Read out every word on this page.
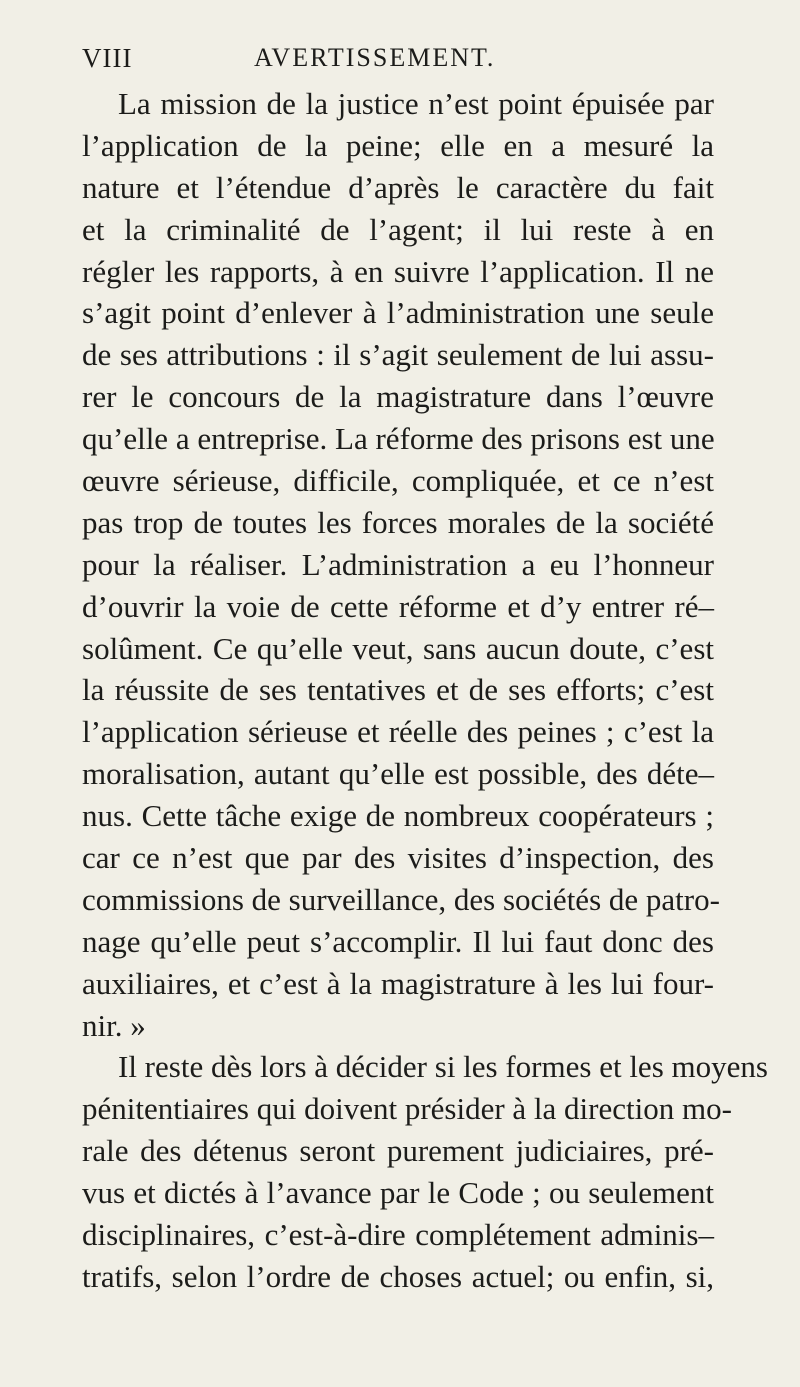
VIII	AVERTISSEMENT.
La mission de la justice n’est point épuisée par
l’application de la peine; elle en a mesuré la
nature et l’étendue d’après le caractère du fait
et la criminalité de l’agent; il lui reste à en
régler les rapports, à en suivre l’application. Il ne
s’agit point d’enlever à l’administration une seule
de ses attributions : il s’agit seulement de lui assu-
rer le concours de la magistrature dans l’œuvre
qu’elle a entreprise. La réforme des prisons est une
œuvre sérieuse, difficile, compliquée, et ce n’est
pas trop de toutes les forces morales de la société
pour la réaliser. L’administration a eu l’honneur
d’ouvrir la voie de cette réforme et d’y entrer ré–
solûment. Ce qu’elle veut, sans aucun doute, c’est
la réussite de ses tentatives et de ses efforts; c’est
l’application sérieuse et réelle des peines ; c’est la
moralisation, autant qu’elle est possible, des déte–
nus. Cette tâche exige de nombreux coopérateurs ;
car ce n’est que par des visites d’inspection, des
commissions de surveillance, des sociétés de patro-
nage qu’elle peut s’accomplir. Il lui faut donc des
auxiliaires, et c’est à la magistrature à les lui four-
nir. »
Il reste dès lors à décider si les formes et les moyens
pénitentiaires qui doivent présider à la direction mo-
rale des détenus seront purement judiciaires, pré-
vus et dictés à l’avance par le Code ; ou seulement
disciplinaires, c’est-à-dire complétement adminis–
tratifs, selon l’ordre de choses actuel; ou enfin, si,
